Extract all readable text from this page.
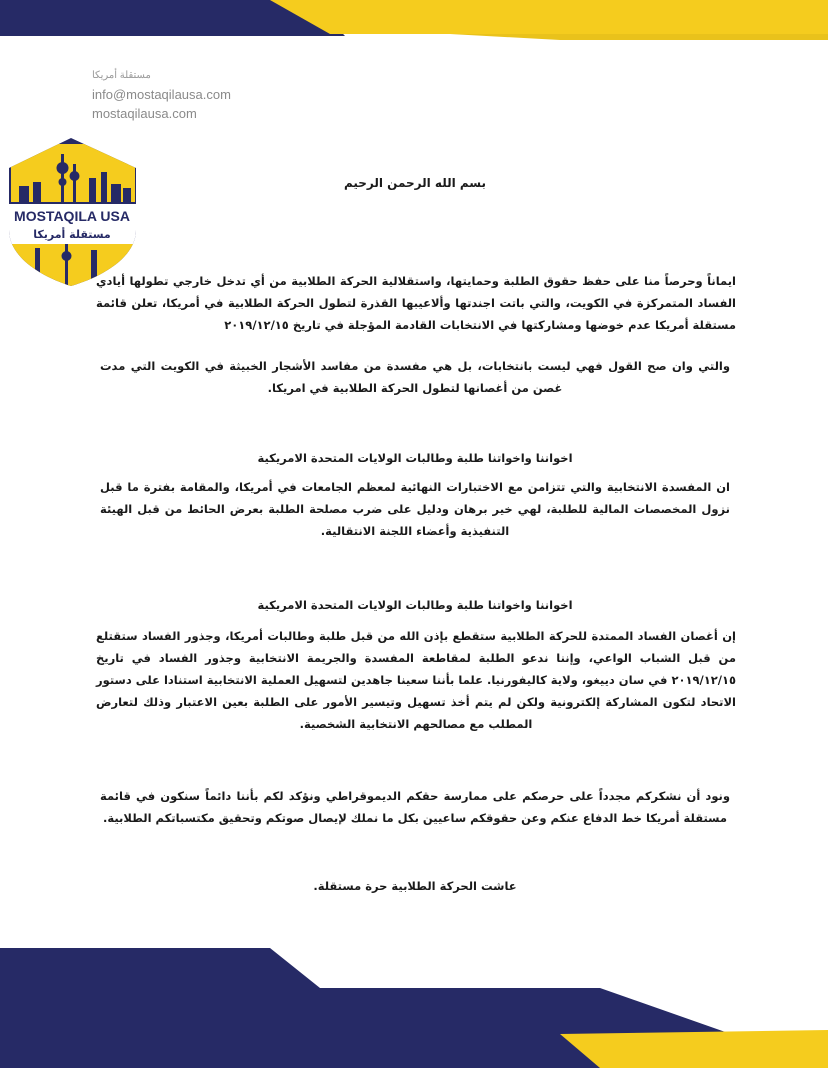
مستقلة أمريكا
info@mostaqilausa.com
mostaqilausa.com
MOSTAQILA USA
مستقلة أمريكا
بسم الله الرحمن الرحيم
ايماناً وحرصاً منا على حفظ حقوق الطلبة وحمايتها، واستقلالية الحركة الطلابية من أي تدخل خارجي تطولها أيادي الفساد المتمركزة في الكويت، والتي باتت اجندتها وألاعيبها القذرة لتطول الحركة الطلابية في أمريكا، تعلن قائمة مستقلة أمريكا عدم خوضها ومشاركتها في الانتخابات القادمة المؤجلة في تاريخ ٢٠١٩/١٢/١٥
والتي وان صح القول فهي ليست بانتخابات، بل هي مفسدة من مفاسد الأشجار الخبيثة في الكويت التي مدت غصن من أغصانها لتطول الحركة الطلابية في امريكا.
اخواننا واخواتنا طلبة وطالبات الولايات المتحدة الامريكية
ان المفسدة الانتخابية والتي تتزامن مع الاختبارات النهائية لمعظم الجامعات في أمريكا، والمقامة بفترة ما قبل نزول المخصصات المالية للطلبة، لهي خير برهان ودليل على ضرب مصلحة الطلبة بعرض الحائط من قبل الهيئة التنفيذية وأعضاء اللجنة الانتقالية.
اخواننا واخواتنا طلبة وطالبات الولايات المتحدة الامريكية
إن أغصان الفساد الممتدة للحركة الطلابية ستقطع بإذن الله من قبل طلبة وطالبات أمريكا، وجذور الفساد ستقتلع من قبل الشباب الواعي، وإننا ندعو الطلبة لمقاطعة المفسدة والجريمة الانتخابية وجذور الفساد في تاريخ ٢٠١٩/١٢/١٥ في سان دييغو، ولاية كاليفورنيا. علما بأننا سعينا جاهدين لتسهيل العملية الانتخابية استنادا على دستور الاتحاد لتكون المشاركة إلكترونية ولكن لم يتم أخذ تسهيل وتيسير الأمور على الطلبة بعين الاعتبار وذلك لتعارض المطلب مع مصالحهم الانتخابية الشخصية.
ونود أن نشكركم مجدداً على حرصكم على ممارسة حقكم الديموقراطي ونؤكد لكم بأننا دائماً سنكون في قائمة مستقلة أمريكا خط الدفاع عنكم وعن حقوقكم ساعيين بكل ما نملك لإيصال صوتكم وتحقيق مكتسباتكم الطلابية.
عاشت الحركة الطلابية حرة مستقلة.
